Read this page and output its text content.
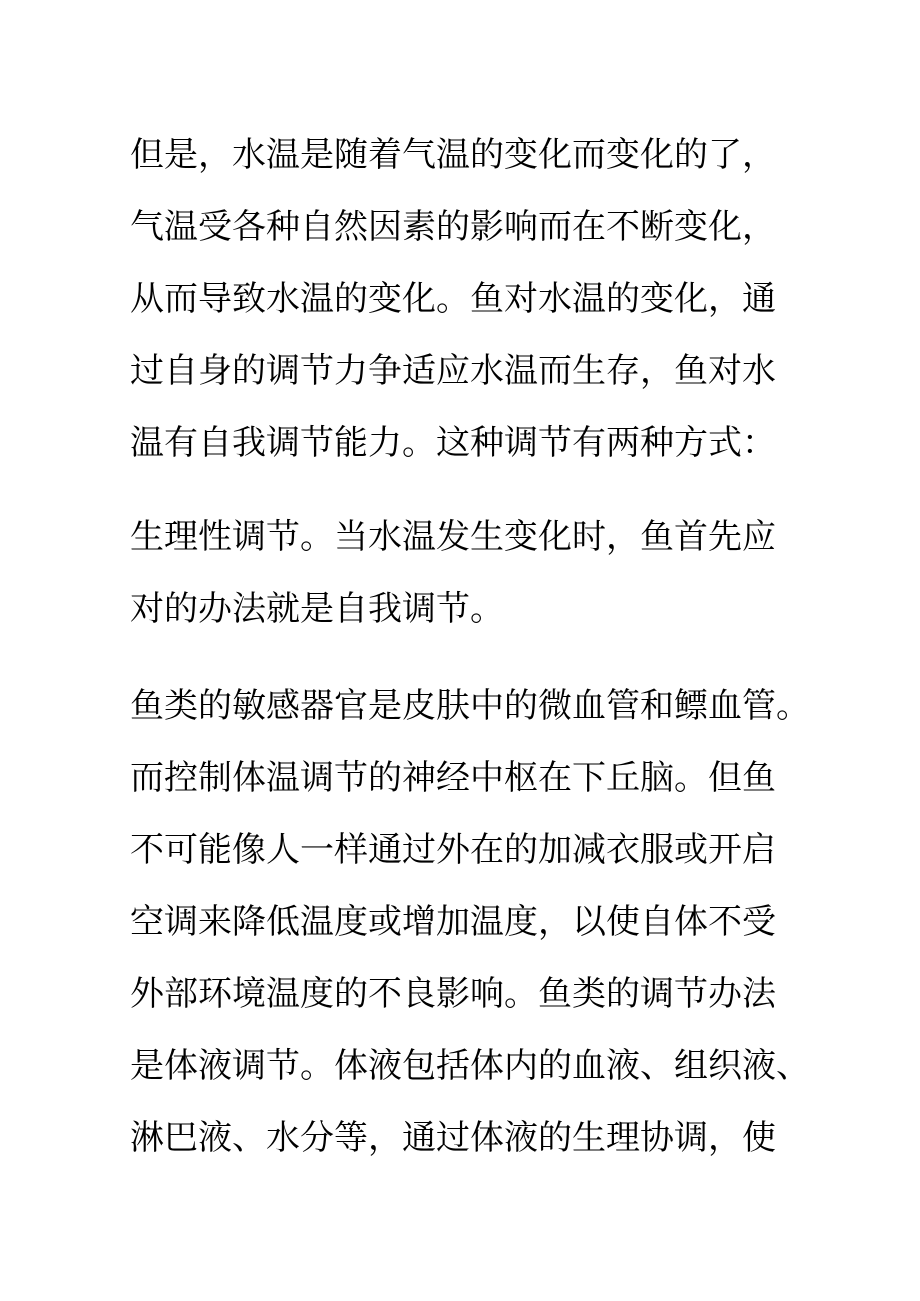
但是，水温是随着气温的变化而变化的了，
气温受各种自然因素的影响而在不断变化，
从而导致水温的变化。鱼对水温的变化，通
过自身的调节力争适应水温而生存，鱼对水
温有自我调节能力。这种调节有两种方式：

生理性调节。当水温发生变化时，鱼首先应
对的办法就是自我调节。

鱼类的敏感器官是皮肤中的微血管和鳔血管。
而控制体温调节的神经中枢在下丘脑。但鱼
不可能像人一样通过外在的加减衣服或开启
空调来降低温度或增加温度，以使自体不受
外部环境温度的不良影响。鱼类的调节办法
是体液调节。体液包括体内的血液、组织液、
淋巴液、水分等，通过体液的生理协调，使
